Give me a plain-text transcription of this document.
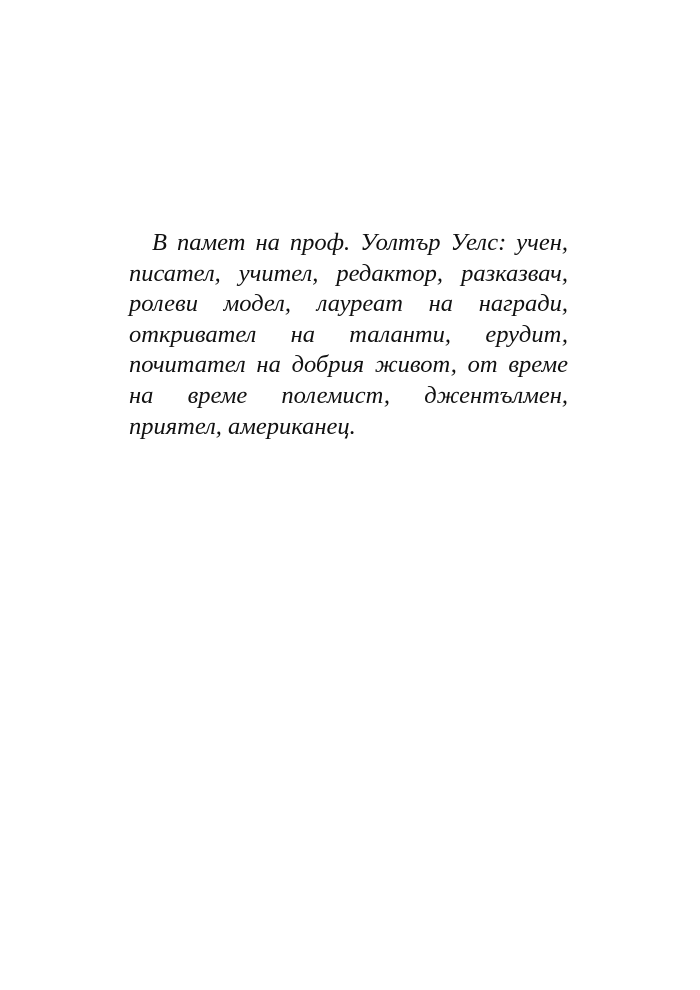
В памет на проф. Уолтър Уелс: учен,
писател, учител, редактор, разказвач,
ролеви модел, лауреат на награди,
откривател на таланти, ерудит,
почитател на добрия живот, от време
на време полемист, джентълмен,
приятел, американец.
